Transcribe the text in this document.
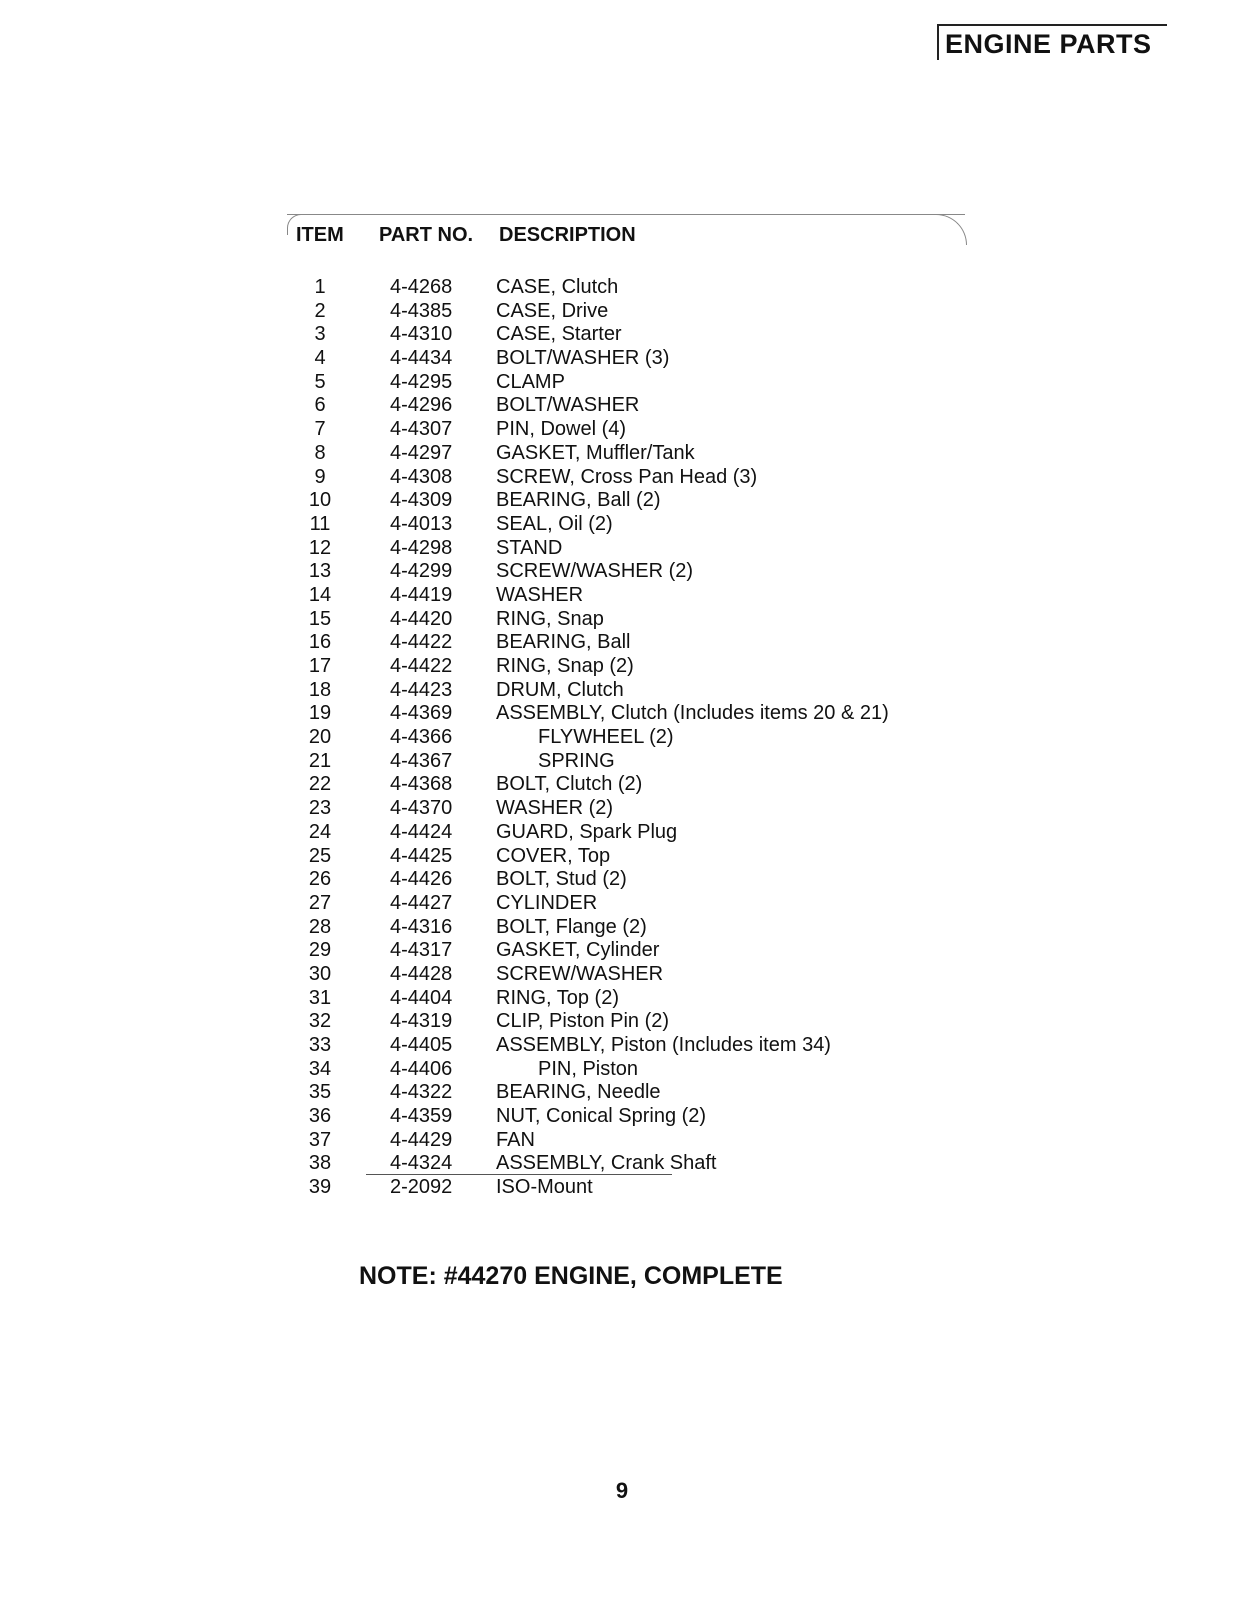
ENGINE PARTS
ITEM PART NO. DESCRIPTION
1	4-4268	CASE, Clutch
2	4-4385	CASE, Drive
3	4-4310	CASE, Starter
4	4-4434	BOLT/WASHER (3)
5	4-4295	CLAMP
6	4-4296	BOLT/WASHER
7	4-4307	PIN, Dowel (4)
8	4-4297	GASKET, Muffler/Tank
9	4-4308	SCREW, Cross Pan Head (3)
10	4-4309	BEARING, Ball (2)
11	4-4013	SEAL, Oil (2)
12	4-4298	STAND
13	4-4299	SCREW/WASHER (2)
14	4-4419	WASHER
15	4-4420	RING, Snap
16	4-4422	BEARING, Ball
17	4-4422	RING, Snap (2)
18	4-4423	DRUM, Clutch
19	4-4369	ASSEMBLY, Clutch (Includes items 20 & 21)
20	4-4366	FLYWHEEL (2)
21	4-4367	SPRING
22	4-4368	BOLT, Clutch (2)
23	4-4370	WASHER (2)
24	4-4424	GUARD, Spark Plug
25	4-4425	COVER, Top
26	4-4426	BOLT, Stud (2)
27	4-4427	CYLINDER
28	4-4316	BOLT, Flange (2)
29	4-4317	GASKET, Cylinder
30	4-4428	SCREW/WASHER
31	4-4404	RING, Top (2)
32	4-4319	CLIP, Piston Pin (2)
33	4-4405	ASSEMBLY, Piston (Includes item 34)
34	4-4406	PIN, Piston
35	4-4322	BEARING, Needle
36	4-4359	NUT, Conical Spring (2)
37	4-4429	FAN
38	4-4324	ASSEMBLY, Crank Shaft
39	2-2092	ISO-Mount
NOTE: #44270 ENGINE, COMPLETE
9
